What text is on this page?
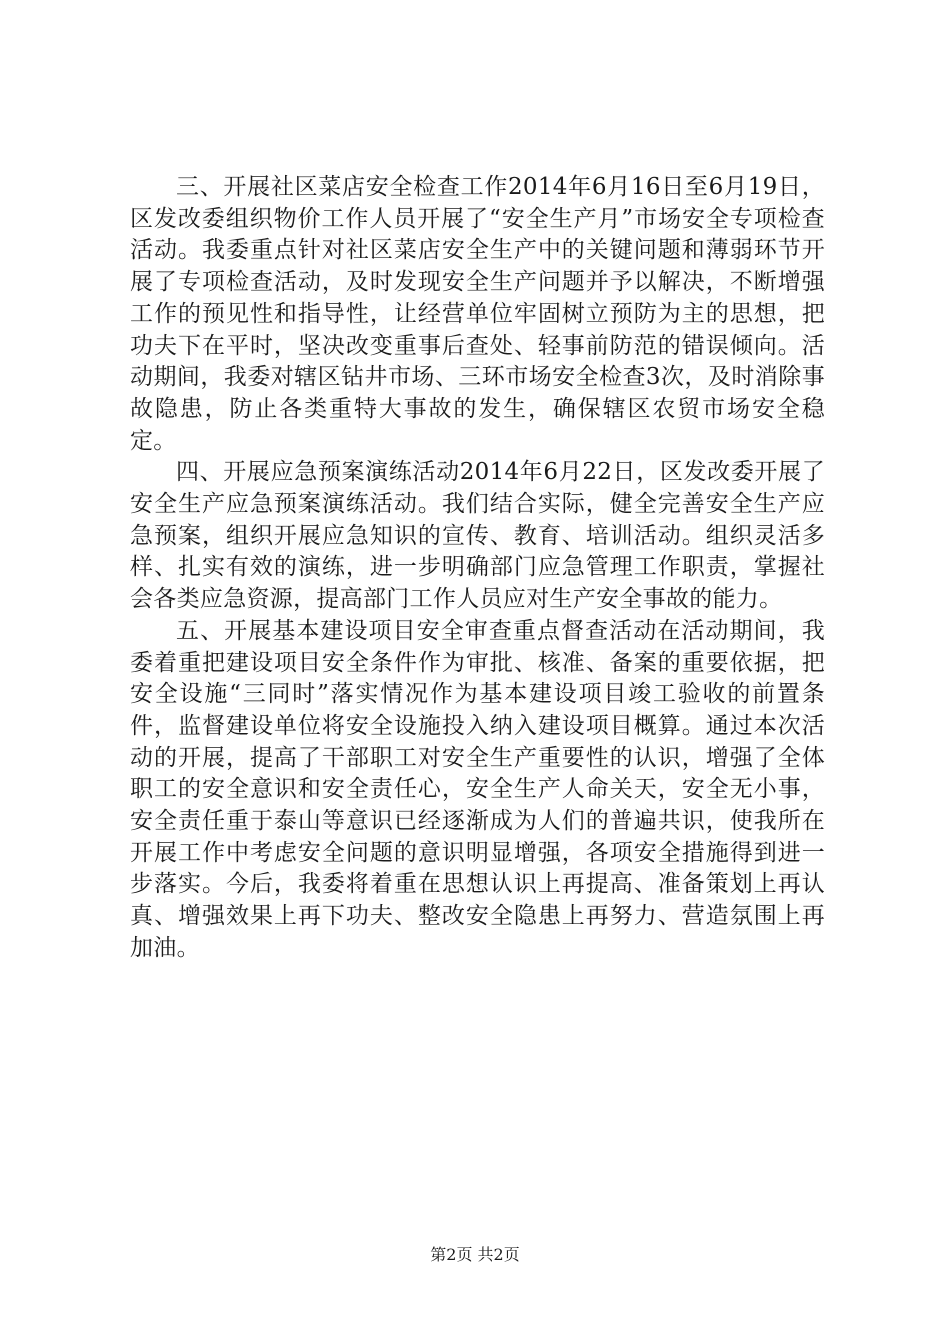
三、开展社区菜店安全检查工作2014年6月16日至6月19日，区发改委组织物价工作人员开展了“安全生产月”市场安全专项检查活动。我委重点针对社区菜店安全生产中的关键问题和薄弱环节开展了专项检查活动，及时发现安全生产问题并予以解决，不断增强工作的预见性和指导性，让经营单位牢固树立预防为主的思想，把功夫下在平时，坚决改变重事后查处、轻事前防范的错误倾向。活动期间，我委对辖区钻井市场、三环市场安全检查3次，及时消除事故隐患，防止各类重特大事故的发生，确保辖区农贸市场安全稳定。

四、开展应急预案演练活动2014年6月22日，区发改委开展了安全生产应急预案演练活动。我们结合实际，健全完善安全生产应急预案，组织开展应急知识的宣传、教育、培训活动。组织灵活多样、扎实有效的演练，进一步明确部门应急管理工作职责，掌握社会各类应急资源，提高部门工作人员应对生产安全事故的能力。

五、开展基本建设项目安全审查重点督查活动在活动期间，我委着重把建设项目安全条件作为审批、核准、备案的重要依据，把安全设施“三同时”落实情况作为基本建设项目竣工验收的前置条件，监督建设单位将安全设施投入纳入建设项目概算。通过本次活动的开展，提高了干部职工对安全生产重要性的认识，增强了全体职工的安全意识和安全责任心，安全生产人命关天，安全无小事，安全责任重于泰山等意识已经逐渐成为人们的普遍共识，使我所在开展工作中考虑安全问题的意识明显增强，各项安全措施得到进一步落实。今后，我委将着重在思想认识上再提高、准备策划上再认真、增强效果上再下功夫、整改安全隐患上再努力、营造氛围上再加油。

第2页 共2页
